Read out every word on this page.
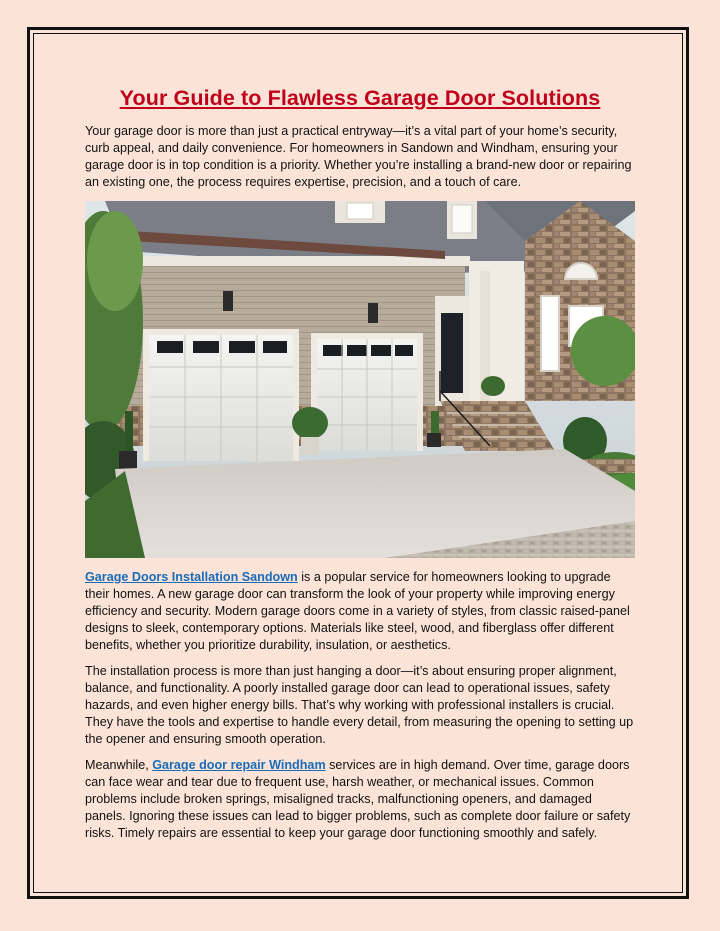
Your Guide to Flawless Garage Door Solutions

Your garage door is more than just a practical entryway—it’s a vital part of your home’s security, curb appeal, and daily convenience. For homeowners in Sandown and Windham, ensuring your garage door is in top condition is a priority. Whether you’re installing a brand-new door or repairing an existing one, the process requires expertise, precision, and a touch of care.

Garage Doors Installation Sandown is a popular service for homeowners looking to upgrade their homes. A new garage door can transform the look of your property while improving energy efficiency and security. Modern garage doors come in a variety of styles, from classic raised-panel designs to sleek, contemporary options. Materials like steel, wood, and fiberglass offer different benefits, whether you prioritize durability, insulation, or aesthetics.

The installation process is more than just hanging a door—it’s about ensuring proper alignment, balance, and functionality. A poorly installed garage door can lead to operational issues, safety hazards, and even higher energy bills. That’s why working with professional installers is crucial. They have the tools and expertise to handle every detail, from measuring the opening to setting up the opener and ensuring smooth operation.

Meanwhile, Garage door repair Windham services are in high demand. Over time, garage doors can face wear and tear due to frequent use, harsh weather, or mechanical issues. Common problems include broken springs, misaligned tracks, malfunctioning openers, and damaged panels. Ignoring these issues can lead to bigger problems, such as complete door failure or safety risks. Timely repairs are essential to keep your garage door functioning smoothly and safely.
